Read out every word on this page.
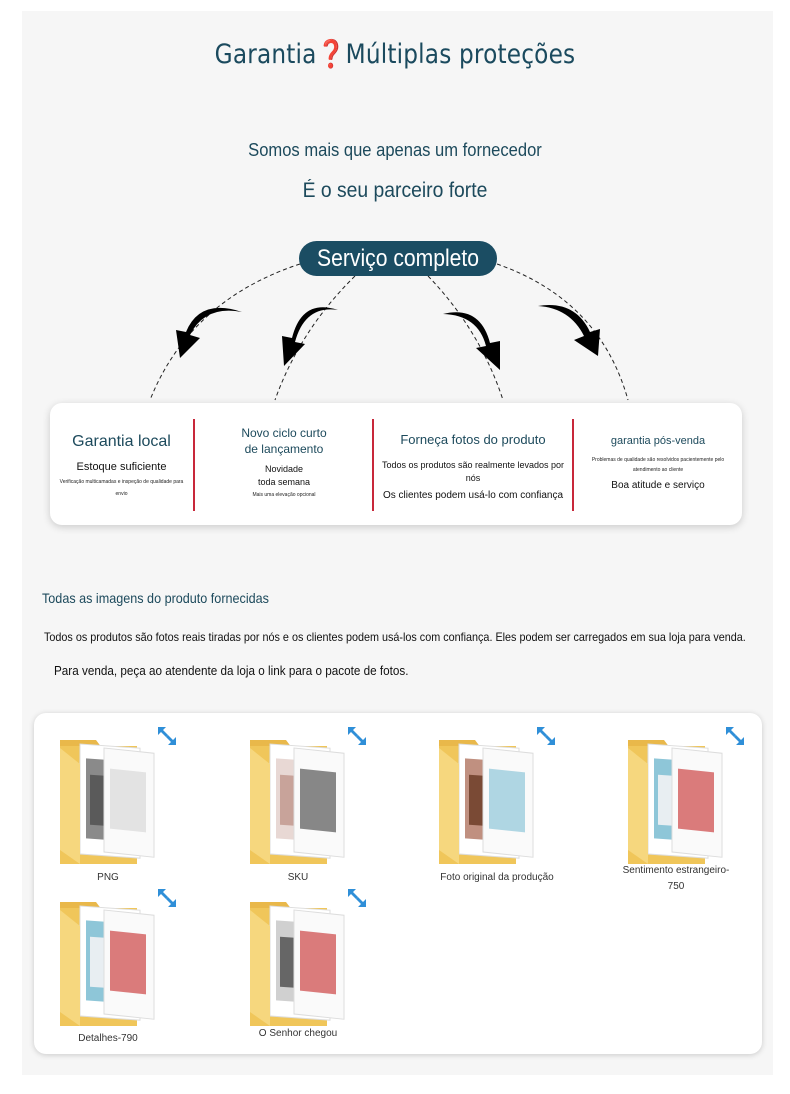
Garantia❓Múltiplas proteções
Somos mais que apenas um fornecedor
É o seu parceiro forte
Serviço completo
Garantia local
Estoque suficiente
Verificação multicamadas e inspeção de qualidade para envio
Novo ciclo curto de lançamento
Novidade toda semana
Mais uma elevação opcional
Forneça fotos do produto
Todos os produtos são realmente levados por nós
Os clientes podem usá-lo com confiança
garantia pós-venda
Problemas de qualidade são resolvidos pacientemente pelo atendimento ao cliente
Boa atitude e serviço
Todas as imagens do produto fornecidas
Todos os produtos são fotos reais tiradas por nós e os clientes podem usá-los com confiança. Eles podem ser carregados em sua loja para venda.
Para venda, peça ao atendente da loja o link para o pacote de fotos.
PNG	SKU	Foto original da produção
Sentimento estrangeiro-750
Detalhes-790	O Senhor chegou
